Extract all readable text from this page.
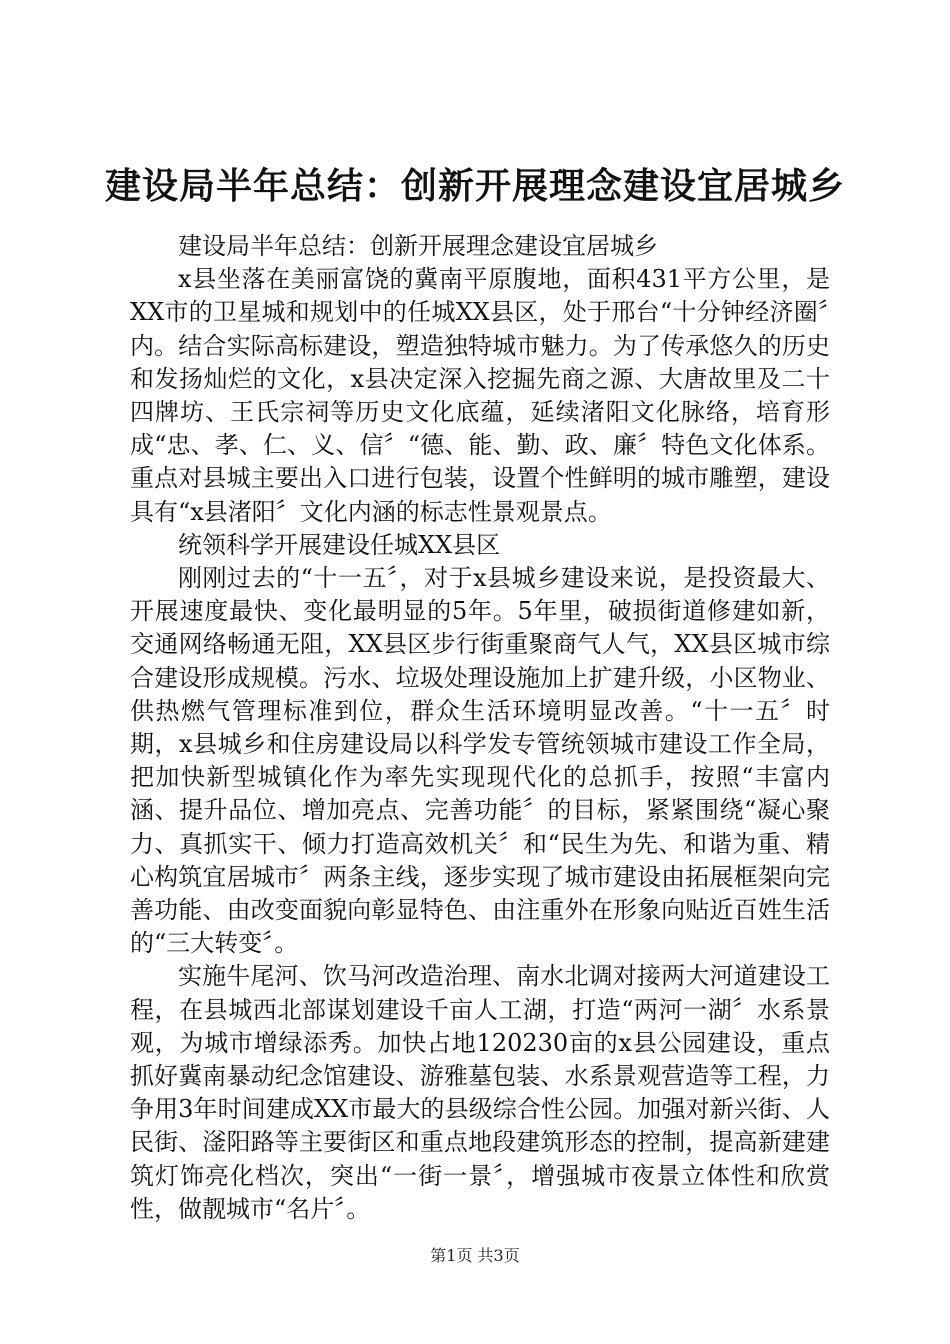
建设局半年总结：创新开展理念建设宜居城乡

建设局半年总结：创新开展理念建设宜居城乡

x县坐落在美丽富饶的冀南平原腹地，面积431平方公里，是XX市的卫星城和规划中的任城XX县区，处于邢台“十分钟经济圈〞内。结合实际高标建设，塑造独特城市魅力。为了传承悠久的历史和发扬灿烂的文化，x县决定深入挖掘先商之源、大唐故里及二十四牌坊、王氏宗祠等历史文化底蕴，延续渚阳文化脉络，培育形成“忠、孝、仁、义、信〞“德、能、勤、政、廉〞特色文化体系。重点对县城主要出入口进行包装，设置个性鲜明的城市雕塑，建设具有“x县渚阳〞文化内涵的标志性景观景点。

统领科学开展建设任城XX县区

刚刚过去的“十一五〞，对于x县城乡建设来说，是投资最大、开展速度最快、变化最明显的5年。5年里，破损街道修建如新，交通网络畅通无阻，XX县区步行街重聚商气人气，XX县区城市综合建设形成规模。污水、垃圾处理设施加上扩建升级，小区物业、供热燃气管理标准到位，群众生活环境明显改善。“十一五〞时期，x县城乡和住房建设局以科学发专管统领城市建设工作全局，把加快新型城镇化作为率先实现现代化的总抓手，按照“丰富内涵、提升品位、增加亮点、完善功能〞的目标，紧紧围绕“凝心聚力、真抓实干、倾力打造高效机关〞和“民生为先、和谐为重、精心构筑宜居城市〞两条主线，逐步实现了城市建设由拓展框架向完善功能、由改变面貌向彰显特色、由注重外在形象向贴近百姓生活的“三大转变〞。

实施牛尾河、饮马河改造治理、南水北调对接两大河道建设工程，在县城西北部谋划建设千亩人工湖，打造“两河一湖〞水系景观，为城市增绿添秀。加快占地120230亩的x县公园建设，重点抓好冀南暴动纪念馆建设、游雅墓包装、水系景观营造等工程，力争用3年时间建成XX市最大的县级综合性公园。加强对新兴街、人民街、滏阳路等主要街区和重点地段建筑形态的控制，提高新建建筑灯饰亮化档次，突出“一街一景〞，增强城市夜景立体性和欣赏性，做靓城市“名片〞。

第1页 共3页
